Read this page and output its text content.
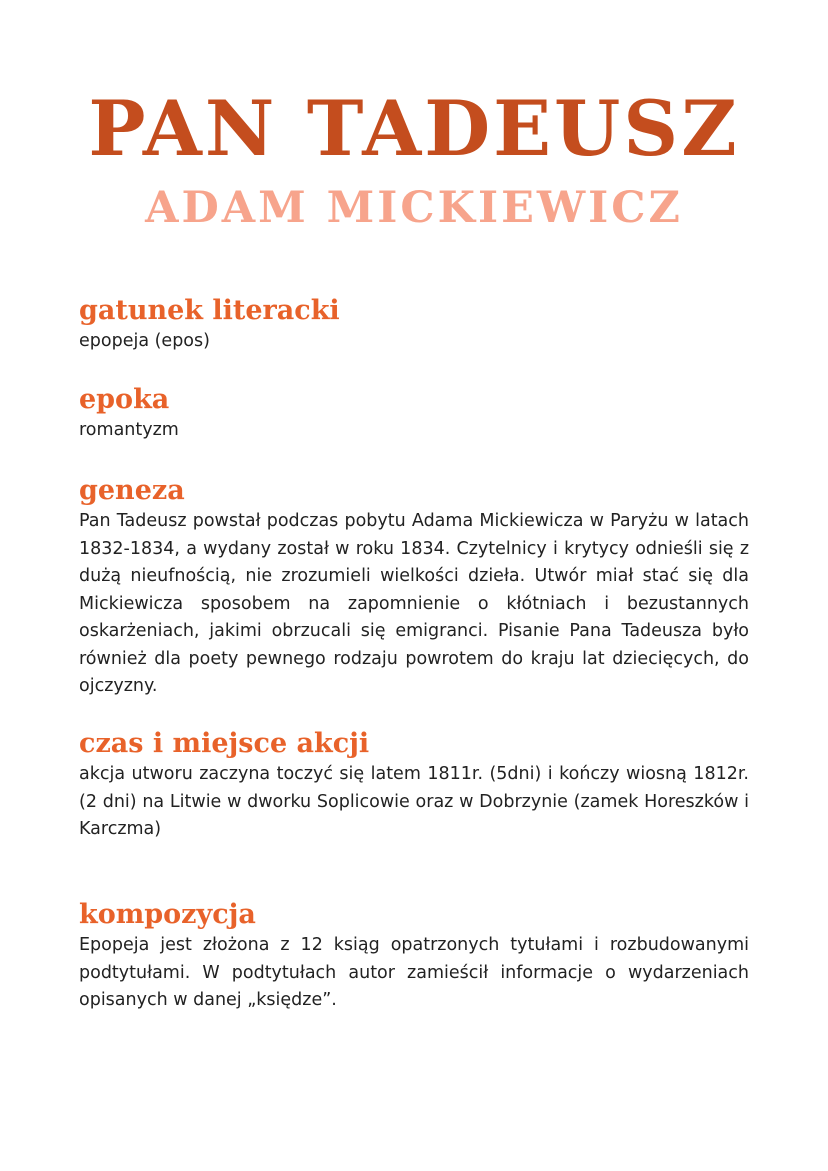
PAN TADEUSZ
ADAM MICKIEWICZ
gatunek literacki

epopeja (epos)

epoka

romantyzm

geneza

Pan Tadeusz powstał podczas pobytu Adama Mickiewicza w Paryżu w latach 1832-1834, a wydany został w roku 1834. Czytelnicy i krytycy odnieśli się z dużą nieufnością, nie zrozumieli wielkości dzieła. Utwór miał stać się dla Mickiewicza sposobem na zapomnienie o kłótniach i bezustannych oskarżeniach, jakimi obrzucali się emigranci. Pisanie Pana Tadeusza było również dla poety pewnego rodzaju powrotem do kraju lat dziecięcych, do ojczyzny.

czas i miejsce akcji

akcja utworu zaczyna toczyć się latem 1811r. (5dni) i kończy wiosną 1812r. (2 dni) na Litwie w dworku Soplicowie oraz w Dobrzynie (zamek Horeszków i Karczma)

kompozycja

Epopeja jest złożona z 12 ksiąg opatrzonych tytułami i rozbudowanymi podtytułami. W podtytułach autor zamieścił informacje o wydarzeniach opisanych w danej „księdze”.
